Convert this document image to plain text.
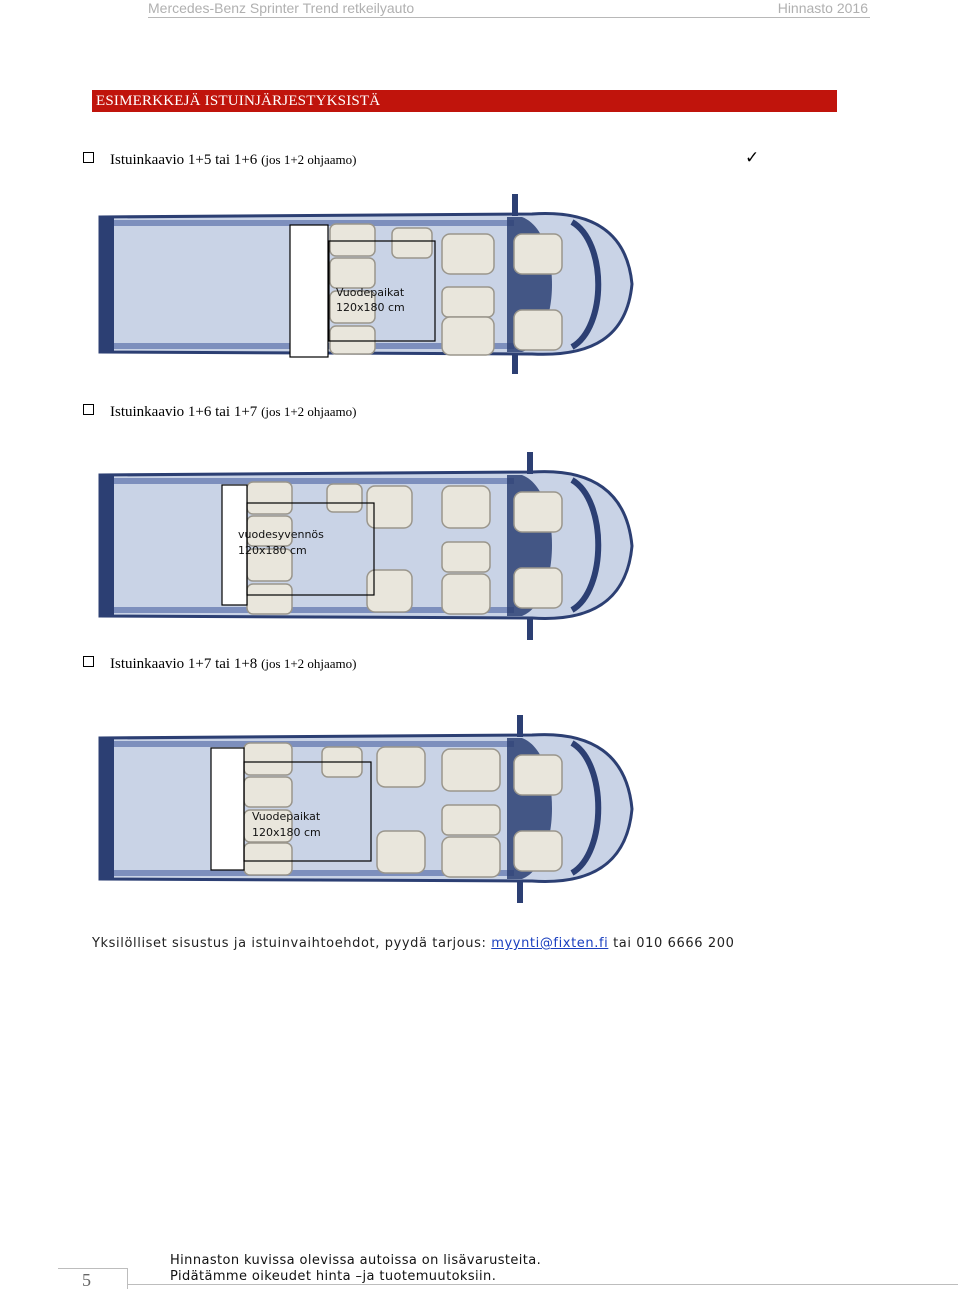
Mercedes-Benz Sprinter Trend retkeilyauto	Hinnasto 2016
ESIMERKKEJÄ ISTUINJÄRJESTYKSISTÄ
Istuinkaavio 1+5 tai 1+6 (jos 1+2 ohjaamo)	✓
Vuodepaikat
120x180 cm
Istuinkaavio 1+6 tai 1+7 (jos 1+2 ohjaamo)
vuodesyvennös
120x180 cm
Istuinkaavio 1+7 tai 1+8 (jos 1+2 ohjaamo)
Vuodepaikat
120x180 cm
Yksilölliset sisustus ja istuinvaihtoehdot, pyydä tarjous: myynti@fixten.fi tai 010 6666 200
Hinnaston kuvissa olevissa autoissa on lisävarusteita.
Pidätämme oikeudet hinta –ja tuotemuutoksiin.
5
